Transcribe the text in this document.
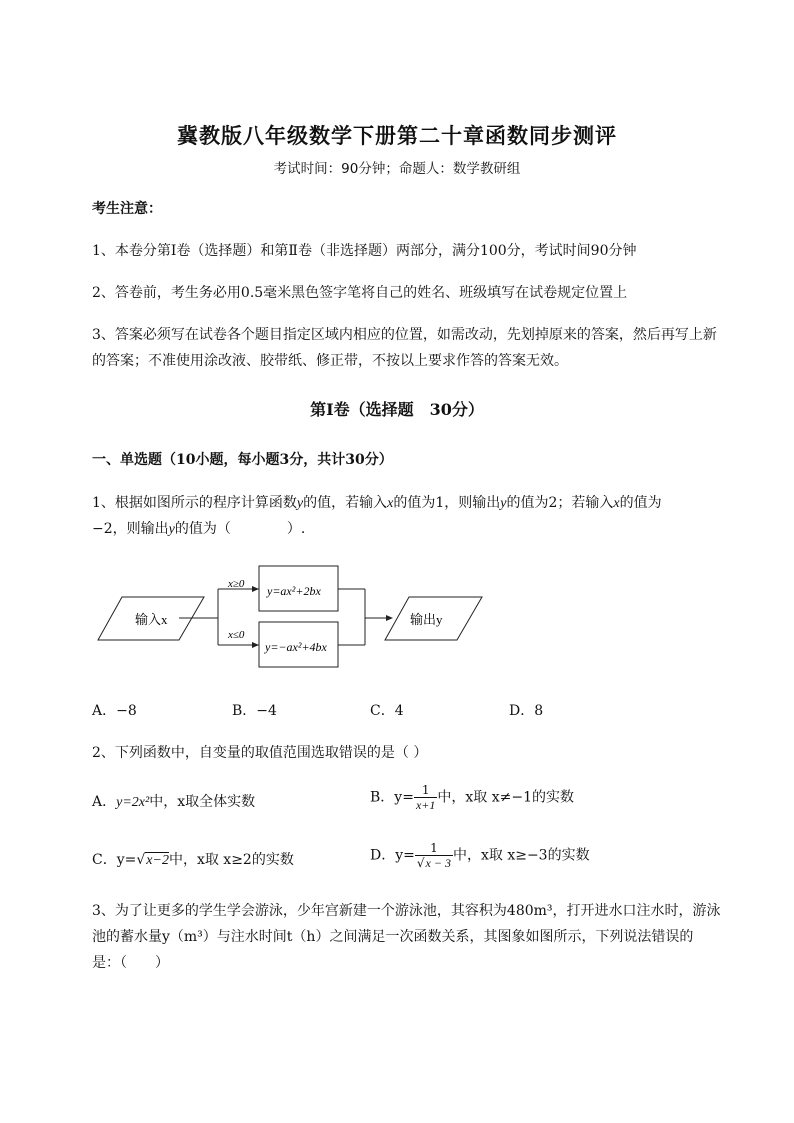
冀教版八年级数学下册第二十章函数同步测评
考试时间：90分钟；命题人：数学教研组
考生注意：
1、本卷分第I卷（选择题）和第Ⅱ卷（非选择题）两部分，满分100分，考试时间90分钟
2、答卷前，考生务必用0.5毫米黑色签字笔将自己的姓名、班级填写在试卷规定位置上
3、答案必须写在试卷各个题目指定区域内相应的位置，如需改动，先划掉原来的答案，然后再写上新
的答案；不准使用涂改液、胶带纸、修正带，不按以上要求作答的答案无效。
第I卷（选择题　30分）
一、单选题（10小题，每小题3分，共计30分）
1、根据如图所示的程序计算函数y的值，若输入x的值为1，则输出y的值为2；若输入x的值为
−2，则输出y的值为（　　　　）.
输入x	输出y
x≥0
x≤0
y=ax²+2bx
y=−ax²+4bx
A．−8	B．−4	C．4	D．8
2、下列函数中，自变量的取值范围选取错误的是（ ）
A．y=2x²中，x取全体实数	B．$y= \frac{1}{x+1}$ 中，x取 x≠−1的实数
C．y=√x−2中，x取 x≥2的实数	D．$y= \frac{1}{√x - 3}$ 中，x取 x≥−3的实数
3、为了让更多的学生学会游泳，少年宫新建一个游泳池，其容积为480m³，打开进水口注水时，游泳
池的蓄水量y（m³）与注水时间t（h）之间满足一次函数关系，其图象如图所示，下列说法错误的
是：（　　）
